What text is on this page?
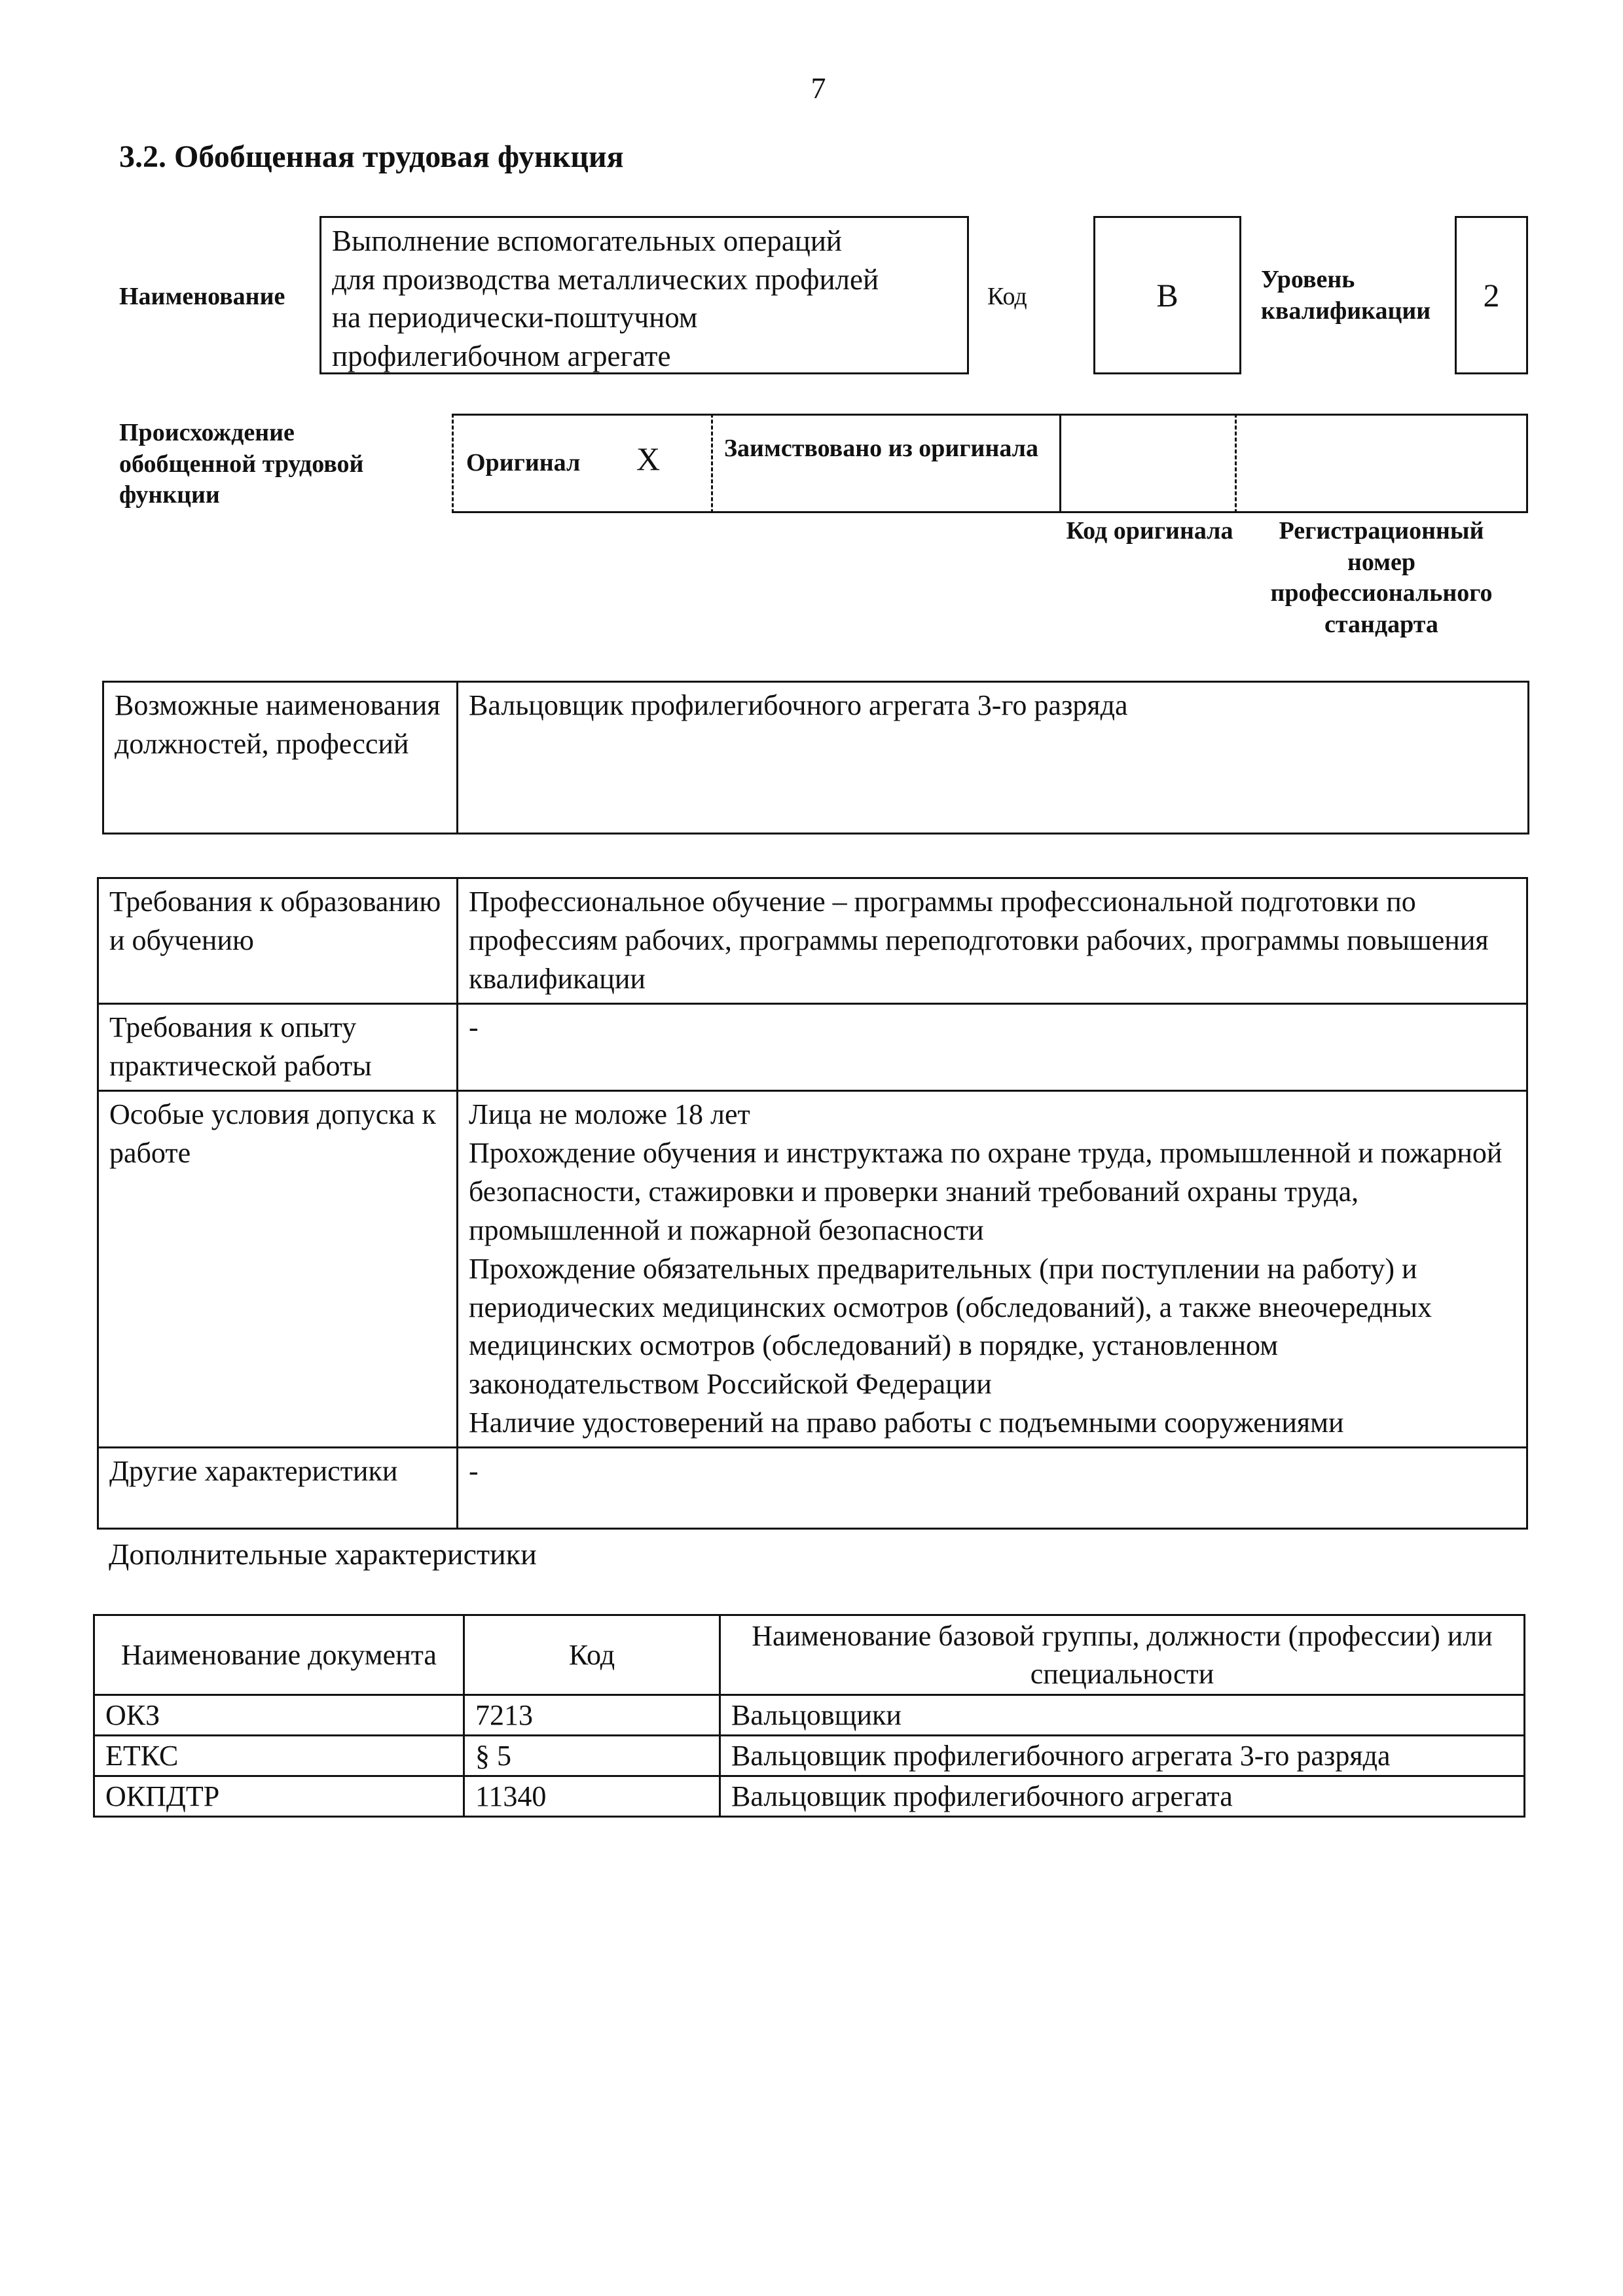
7
3.2. Обобщенная трудовая функция
Наименование
Выполнение вспомогательных операций
для производства металлических профилей
на периодически-поштучном
профилегибочном агрегате
Код	B	Уровень квалификации	2
Происхождение обобщенной трудовой функции
Оригинал X	Заимствовано из оригинала
Код оригинала	Регистрационный номер профессионального стандарта
Возможные наименования должностей, профессий	Вальцовщик профилегибочного агрегата 3-го разряда
Требования к образованию и обучению	Профессиональное обучение – программы профессиональной подготовки по профессиям рабочих, программы переподготовки рабочих, программы повышения квалификации

Требования к опыту практической работы	-

Особые условия допуска к работе	Лица не моложе 18 лет
Прохождение обучения и инструктажа по охране труда, промышленной и пожарной безопасности, стажировки и проверки знаний требований охраны труда, промышленной и пожарной безопасности
Прохождение обязательных предварительных (при поступлении на работу) и периодических медицинских осмотров (обследований), а также внеочередных медицинских осмотров (обследований) в порядке, установленном законодательством Российской Федерации
Наличие удостоверений на право работы с подъемными сооружениями

Другие характеристики	-
Дополнительные характеристики
Наименование документа	Код	Наименование базовой группы, должности (профессии) или специальности
ОКЗ	7213	Вальцовщики
ЕТКС	§ 5	Вальцовщик профилегибочного агрегата 3-го разряда
ОКПДТР	11340	Вальцовщик профилегибочного агрегата
